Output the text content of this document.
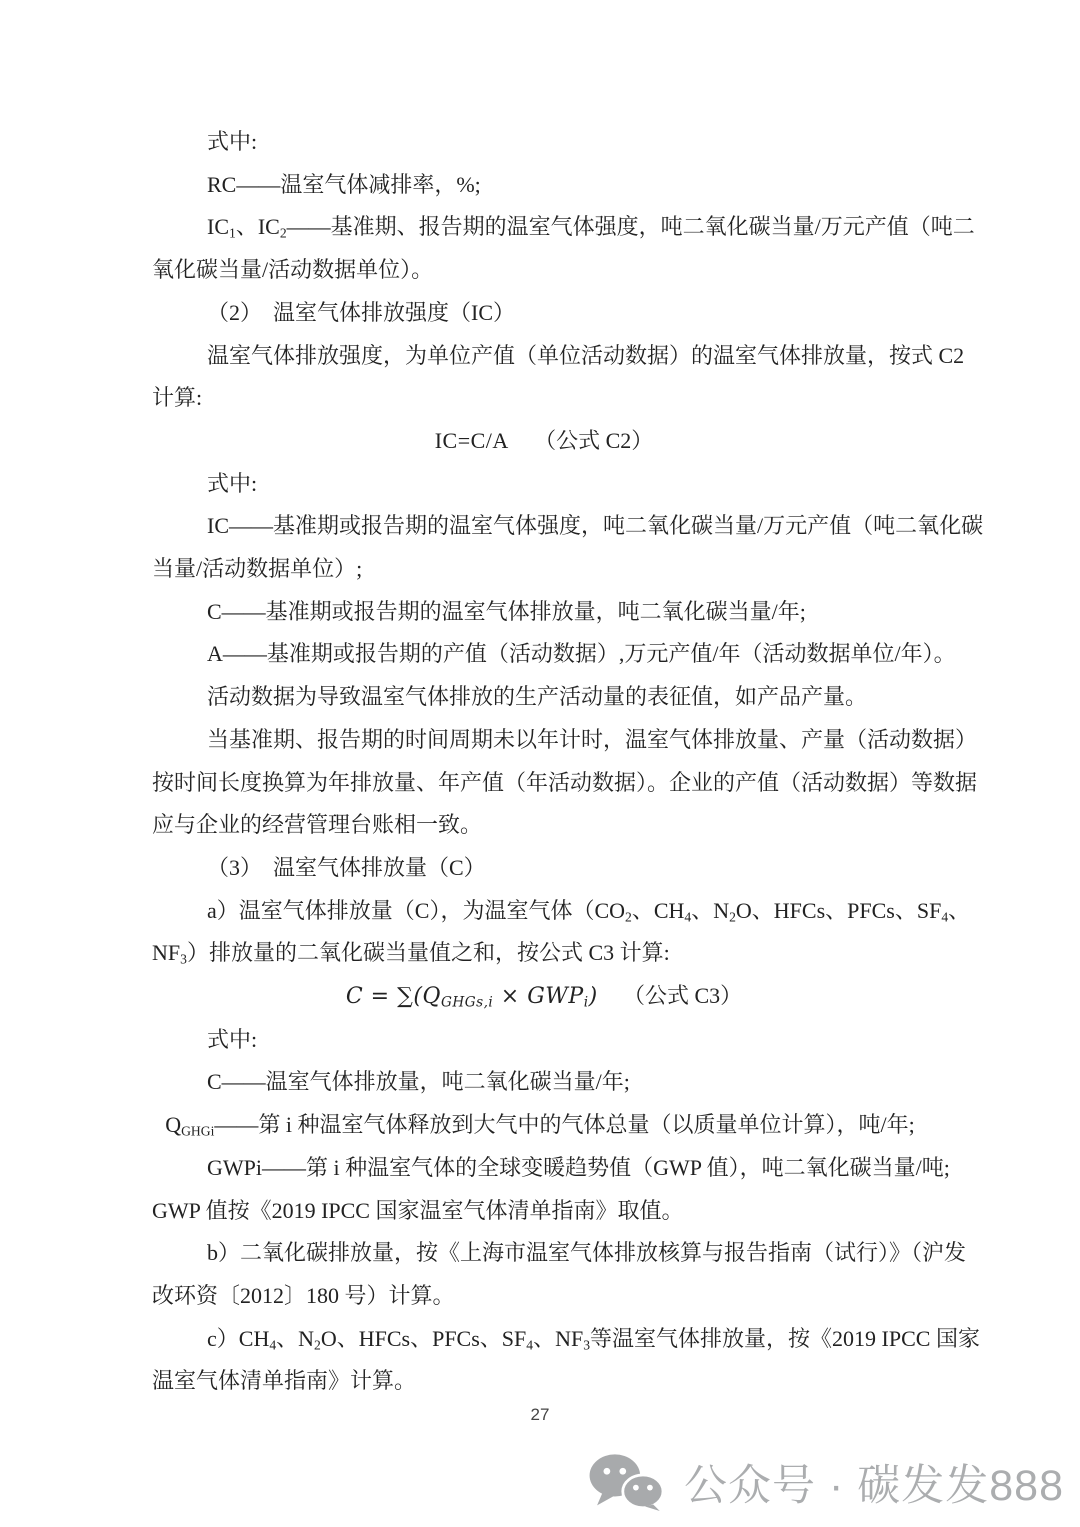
式中:
RC——温室气体减排率，%;
$IC_1$、$IC_2——$基准期、报告期的温室气体强度，吨二氧化碳当量/万元产值（吨二
氧化碳当量/活动数据单位）。
（2）　温室气体排放强度（IC）
温室气体排放强度，为单位产值（单位活动数据）的温室气体排放量，按式 C2
计算:
IC=C/A （公式 C2）
式中:
IC——基准期或报告期的温室气体强度，吨二氧化碳当量/万元产值（吨二氧化碳
当量/活动数据单位）;
C——基准期或报告期的温室气体排放量，吨二氧化碳当量/年;
A——基准期或报告期的产值（活动数据）,万元产值/年（活动数据单位/年）。
活动数据为导致温室气体排放的生产活动量的表征值，如产品产量。
当基准期、报告期的时间周期未以年计时，温室气体排放量、产量（活动数据）
按时间长度换算为年排放量、年产值（年活动数据）。企业的产值（活动数据）等数据
应与企业的经营管理台账相一致。
（3）　温室气体排放量（C）
a）温室气体排放量（C），为温室气体（$CO_2$、$CH_4$、$N_2O$、HFCs、PFCs、$SF_4$、
$NF_3$）排放量的二氧化碳当量值之和，按公式 C3 计算:
$C = \sum(Q_{GHGs,i} \times GWP_i)$ （公式 C3）
式中:
C——温室气体排放量，吨二氧化碳当量/年;
$Q_{GHGi}——$第 i 种温室气体释放到大气中的气体总量（以质量单位计算），吨/年;
GWPi——第 i 种温室气体的全球变暖趋势值（GWP 值），吨二氧化碳当量/吨;
GWP 值按《2019 IPCC 国家温室气体清单指南》取值。
b）二氧化碳排放量，按《上海市温室气体排放核算与报告指南（试行）》（沪发
改环资〔2012〕180 号）计算。
$c)CH_4$、$N_2O$、HFCs、PFCs、$SF_4$、$NF_3$等温室气体排放量，按《2019 IPCC 国家
温室气体清单指南》计算。
27
公众号 · 碳发发888
